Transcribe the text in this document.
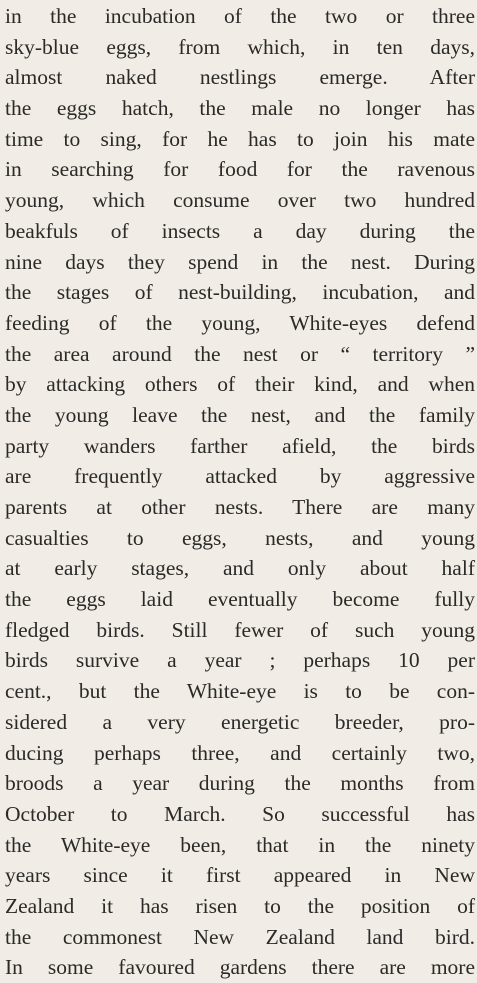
in the incubation of the two or three
sky-blue eggs, from which, in ten days,
almost naked nestlings emerge. After
the eggs hatch, the male no longer has
time to sing, for he has to join his mate
in searching for food for the ravenous
young, which consume over two hundred
beakfuls of insects a day during the
nine days they spend in the nest. During
the stages of nest-building, incubation, and
feeding of the young, White-eyes defend
the area around the nest or “ territory ”
by attacking others of their kind, and when
the young leave the nest, and the family
party wanders farther afield, the birds
are frequently attacked by aggressive
parents at other nests. There are many
casualties to eggs, nests, and young
at early stages, and only about half
the eggs laid eventually become fully
fledged birds. Still fewer of such young
birds survive a year ; perhaps 10 per
cent., but the White-eye is to be con-
sidered a very energetic breeder, pro-
ducing perhaps three, and certainly two,
broods a year during the months from
October to March. So successful has
the White-eye been, that in the ninety
years since it first appeared in New
Zealand it has risen to the position of
the commonest New Zealand land bird.
In some favoured gardens there are more
